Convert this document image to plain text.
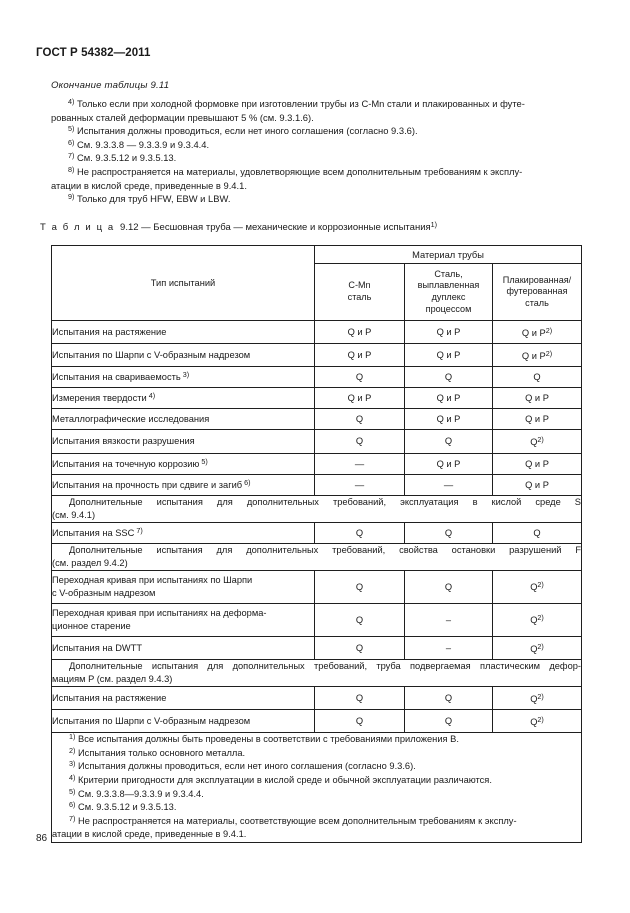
ГОСТ Р 54382—2011
Окончание таблицы 9.11

$^{4)}$ Только если при холодной формовке при изготовлении трубы из C-Mn стали и плакированных и футе-

рованных сталей деформации превышают 5 % (см. 9.3.1.6).

$^{5)}$ Испытания должны проводиться, если нет иного соглашения (согласно 9.3.6).

$^{6)}$ См. 9.3.3.8 — 9.3.3.9 и 9.3.4.4.

$^{7)}$ См. 9.3.5.12 и 9.3.5.13.

$^{8)}$ Не распространяется на материалы, удовлетворяющие всем дополнительным требованиям к эксплу-

атации в кислой среде, приведенные в 9.4.1.

$^{9)}$ Только для труб HFW, EBW и LBW.

Т а б л и ц а 9.12 — Бесшовная труба — механические и коррозионные испытания$^{1)}$
Тип испытаний	Материал трубы		

C-Mn
сталь

Сталь,
выплавленная
дуплекс
процессом

Плакированная/
футерованная
сталь

Испытания на растяжение	Q и P	Q и P	Q и $P^{2)}$
Испытания по Шарпи с V-образным надрезом	Q и P	Q и P	Q и $P^{2)}$
Испытания на свариваемость $^{3)}$	Q	Q	Q
Измерения твердости $^{4)}$	Q и P	Q и P	Q и P
Металлографические исследования	Q	Q и P	Q и P
Испытания вязкости разрушения	Q	Q	$Q^{2)}$
Испытания на точечную коррозию $^{5)}$	—	Q и P	Q и P
Испытания на прочность при сдвиге и загиб $^{6)}$	—	—	Q и P

Дополнительные испытания для дополнительных требований, эксплуатация в кислой среде S
(см. 9.4.1)			

Испытания на SSC $^{7)}$	Q	Q	Q

Дополнительные испытания для дополнительных требований, свойства остановки разрушений F
(см. раздел 9.4.2)			

Переходная кривая при испытаниях по Шарпи
с V-образным надрезом	Q	Q	$Q^{2)}$

Переходная кривая при испытаниях на деформа-
ционное старение	Q	–	$Q^{2)}$
Испытания на DWTT	Q	–	$Q^{2)}$

Дополнительные испытания для дополнительных требований, труба подвергаемая пластическим дефор-
мациям P (см. раздел 9.4.3)			

Испытания на растяжение	Q	Q	$Q^{2)}$
Испытания по Шарпи с V-образным надрезом	Q	Q	$Q^{2)}$

$^{1)}$ Все испытания должны быть проведены в соответствии с требованиями приложения B.
$^{2)}$ Испытания только основного металла.
$^{3)}$ Испытания должны проводиться, если нет иного соглашения (согласно 9.3.6).
$^{4)}$ Критерии пригодности для эксплуатации в кислой среде и обычной эксплуатации различаются.
$^{5)}$ См. 9.3.3.8—9.3.3.9 и 9.3.4.4.
$^{6)}$ См. 9.3.5.12 и 9.3.5.13.
$^{7)}$ Не распространяется на материалы, соответствующие всем дополнительным требованиям к эксплу-
атации в кислой среде, приведенные в 9.4.1.
86
